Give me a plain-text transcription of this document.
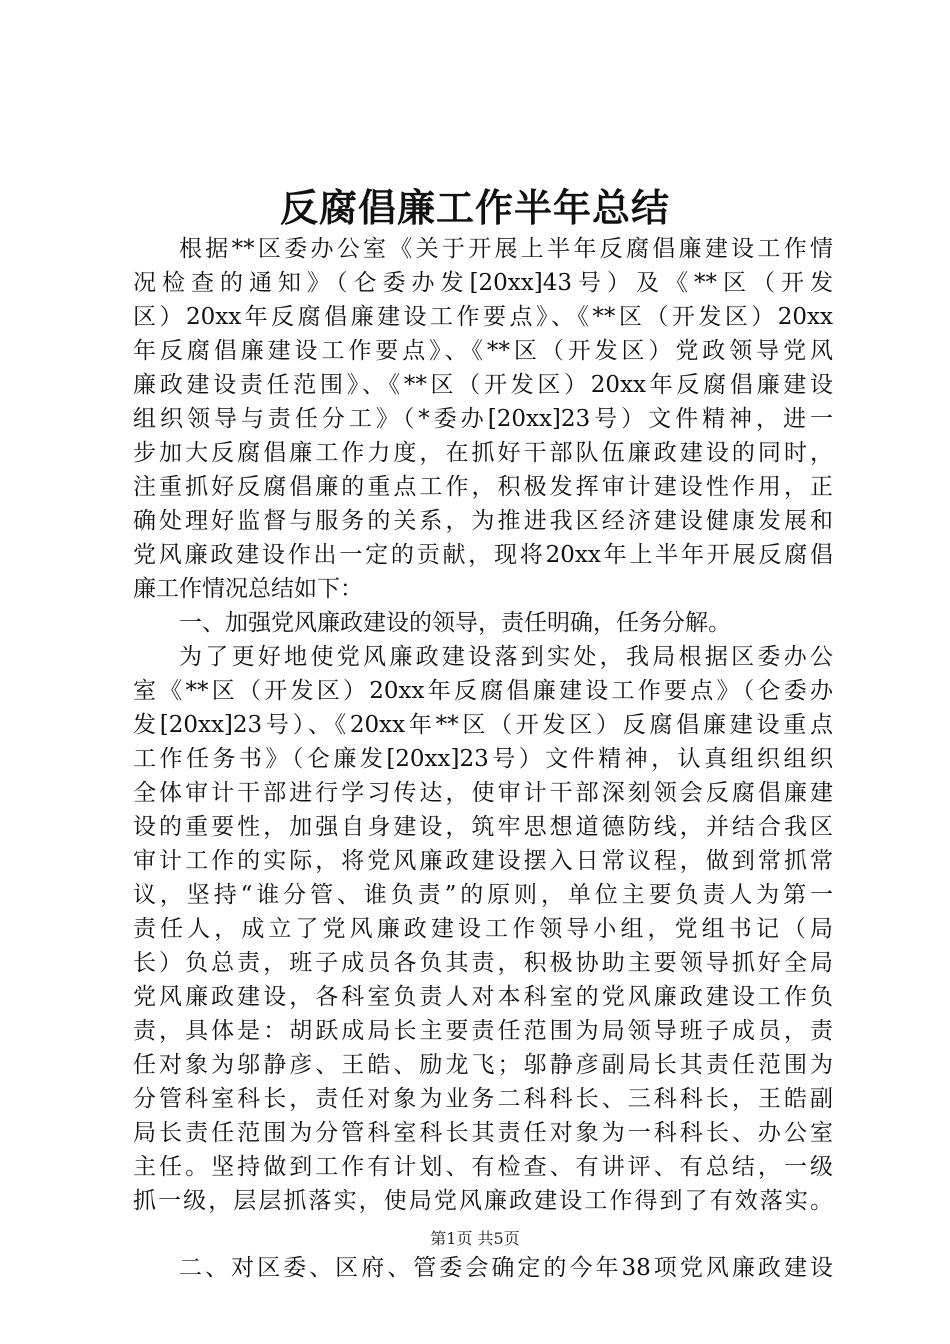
反腐倡廉工作半年总结
根据**区委办公室《关于开展上半年反腐倡廉建设工作情
况检查的通知》（仑委办发[20xx]43号）及《**区（开发
区）20xx年反腐倡廉建设工作要点》、《**区（开发区）20xx
年反腐倡廉建设工作要点》、《**区（开发区）党政领导党风
廉政建设责任范围》、《**区（开发区）20xx年反腐倡廉建设
组织领导与责任分工》（*委办[20xx]23号）文件精神，进一
步加大反腐倡廉工作力度，在抓好干部队伍廉政建设的同时，
注重抓好反腐倡廉的重点工作，积极发挥审计建设性作用，正
确处理好监督与服务的关系，为推进我区经济建设健康发展和
党风廉政建设作出一定的贡献，现将20xx年上半年开展反腐倡
廉工作情况总结如下：
一、加强党风廉政建设的领导，责任明确，任务分解。
为了更好地使党风廉政建设落到实处，我局根据区委办公
室《**区（开发区）20xx年反腐倡廉建设工作要点》（仑委办
发[20xx]23号）、《20xx年**区（开发区）反腐倡廉建设重点
工作任务书》（仑廉发[20xx]23号）文件精神，认真组织组织
全体审计干部进行学习传达，使审计干部深刻领会反腐倡廉建
设的重要性，加强自身建设，筑牢思想道德防线，并结合我区
审计工作的实际，将党风廉政建设摆入日常议程，做到常抓常
议，坚持“谁分管、谁负责”的原则，单位主要负责人为第一
责任人，成立了党风廉政建设工作领导小组，党组书记（局
长）负总责，班子成员各负其责，积极协助主要领导抓好全局
党风廉政建设，各科室负责人对本科室的党风廉政建设工作负
责，具体是：胡跃成局长主要责任范围为局领导班子成员，责
任对象为邬静彦、王皓、励龙飞；邬静彦副局长其责任范围为
分管科室科长，责任对象为业务二科科长、三科科长，王皓副
局长责任范围为分管科室科长其责任对象为一科科长、办公室
主任。坚持做到工作有计划、有检查、有讲评、有总结，一级
抓一级，层层抓落实，使局党风廉政建设工作得到了有效落实。
二、对区委、区府、管委会确定的今年38项党风廉政建设
第1页 共5页
